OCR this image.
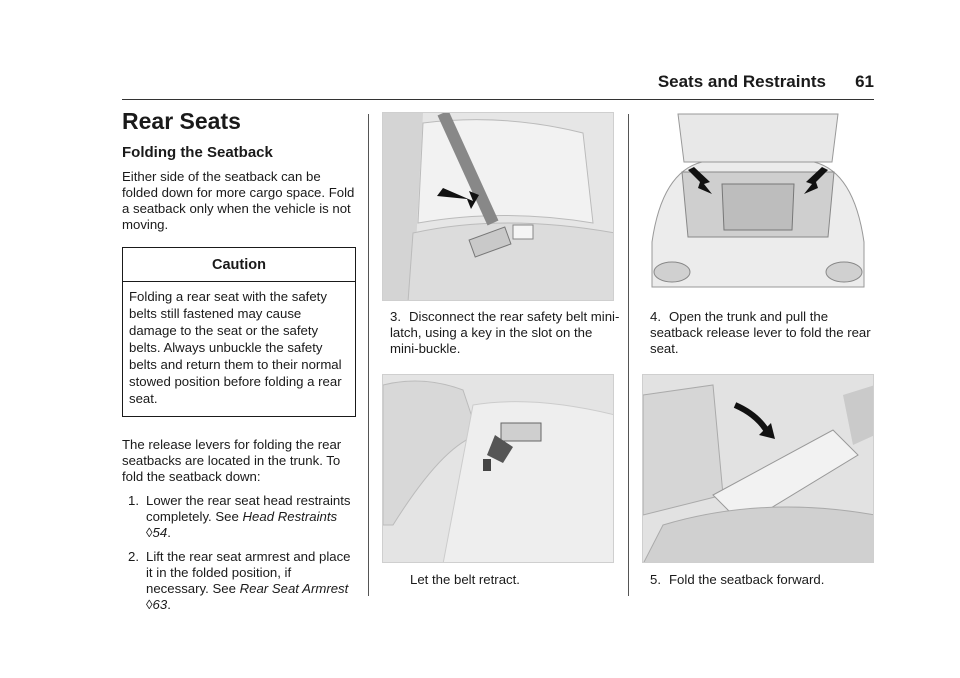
Seats and Restraints 61
Rear Seats
Folding the Seatback

Either side of the seatback can be folded down for more cargo space. Fold a seatback only when the vehicle is not moving.

Caution
Folding a rear seat with the safety belts still fastened may cause damage to the seat or the safety belts. Always unbuckle the safety belts and return them to their normal stowed position before folding a rear seat.

The release levers for folding the rear seatbacks are located in the trunk. To fold the seatback down:

1. Lower the rear seat head restraints completely. See Head Restraints ◊54.
2. Lift the rear seat armrest and place it in the folded position, if necessary. See Rear Seat Armrest ◊63.
3. Disconnect the rear safety belt mini-latch, using a key in the slot on the mini-buckle.
Let the belt retract.
4. Open the trunk and pull the seatback release lever to fold the rear seat.
5. Fold the seatback forward.
